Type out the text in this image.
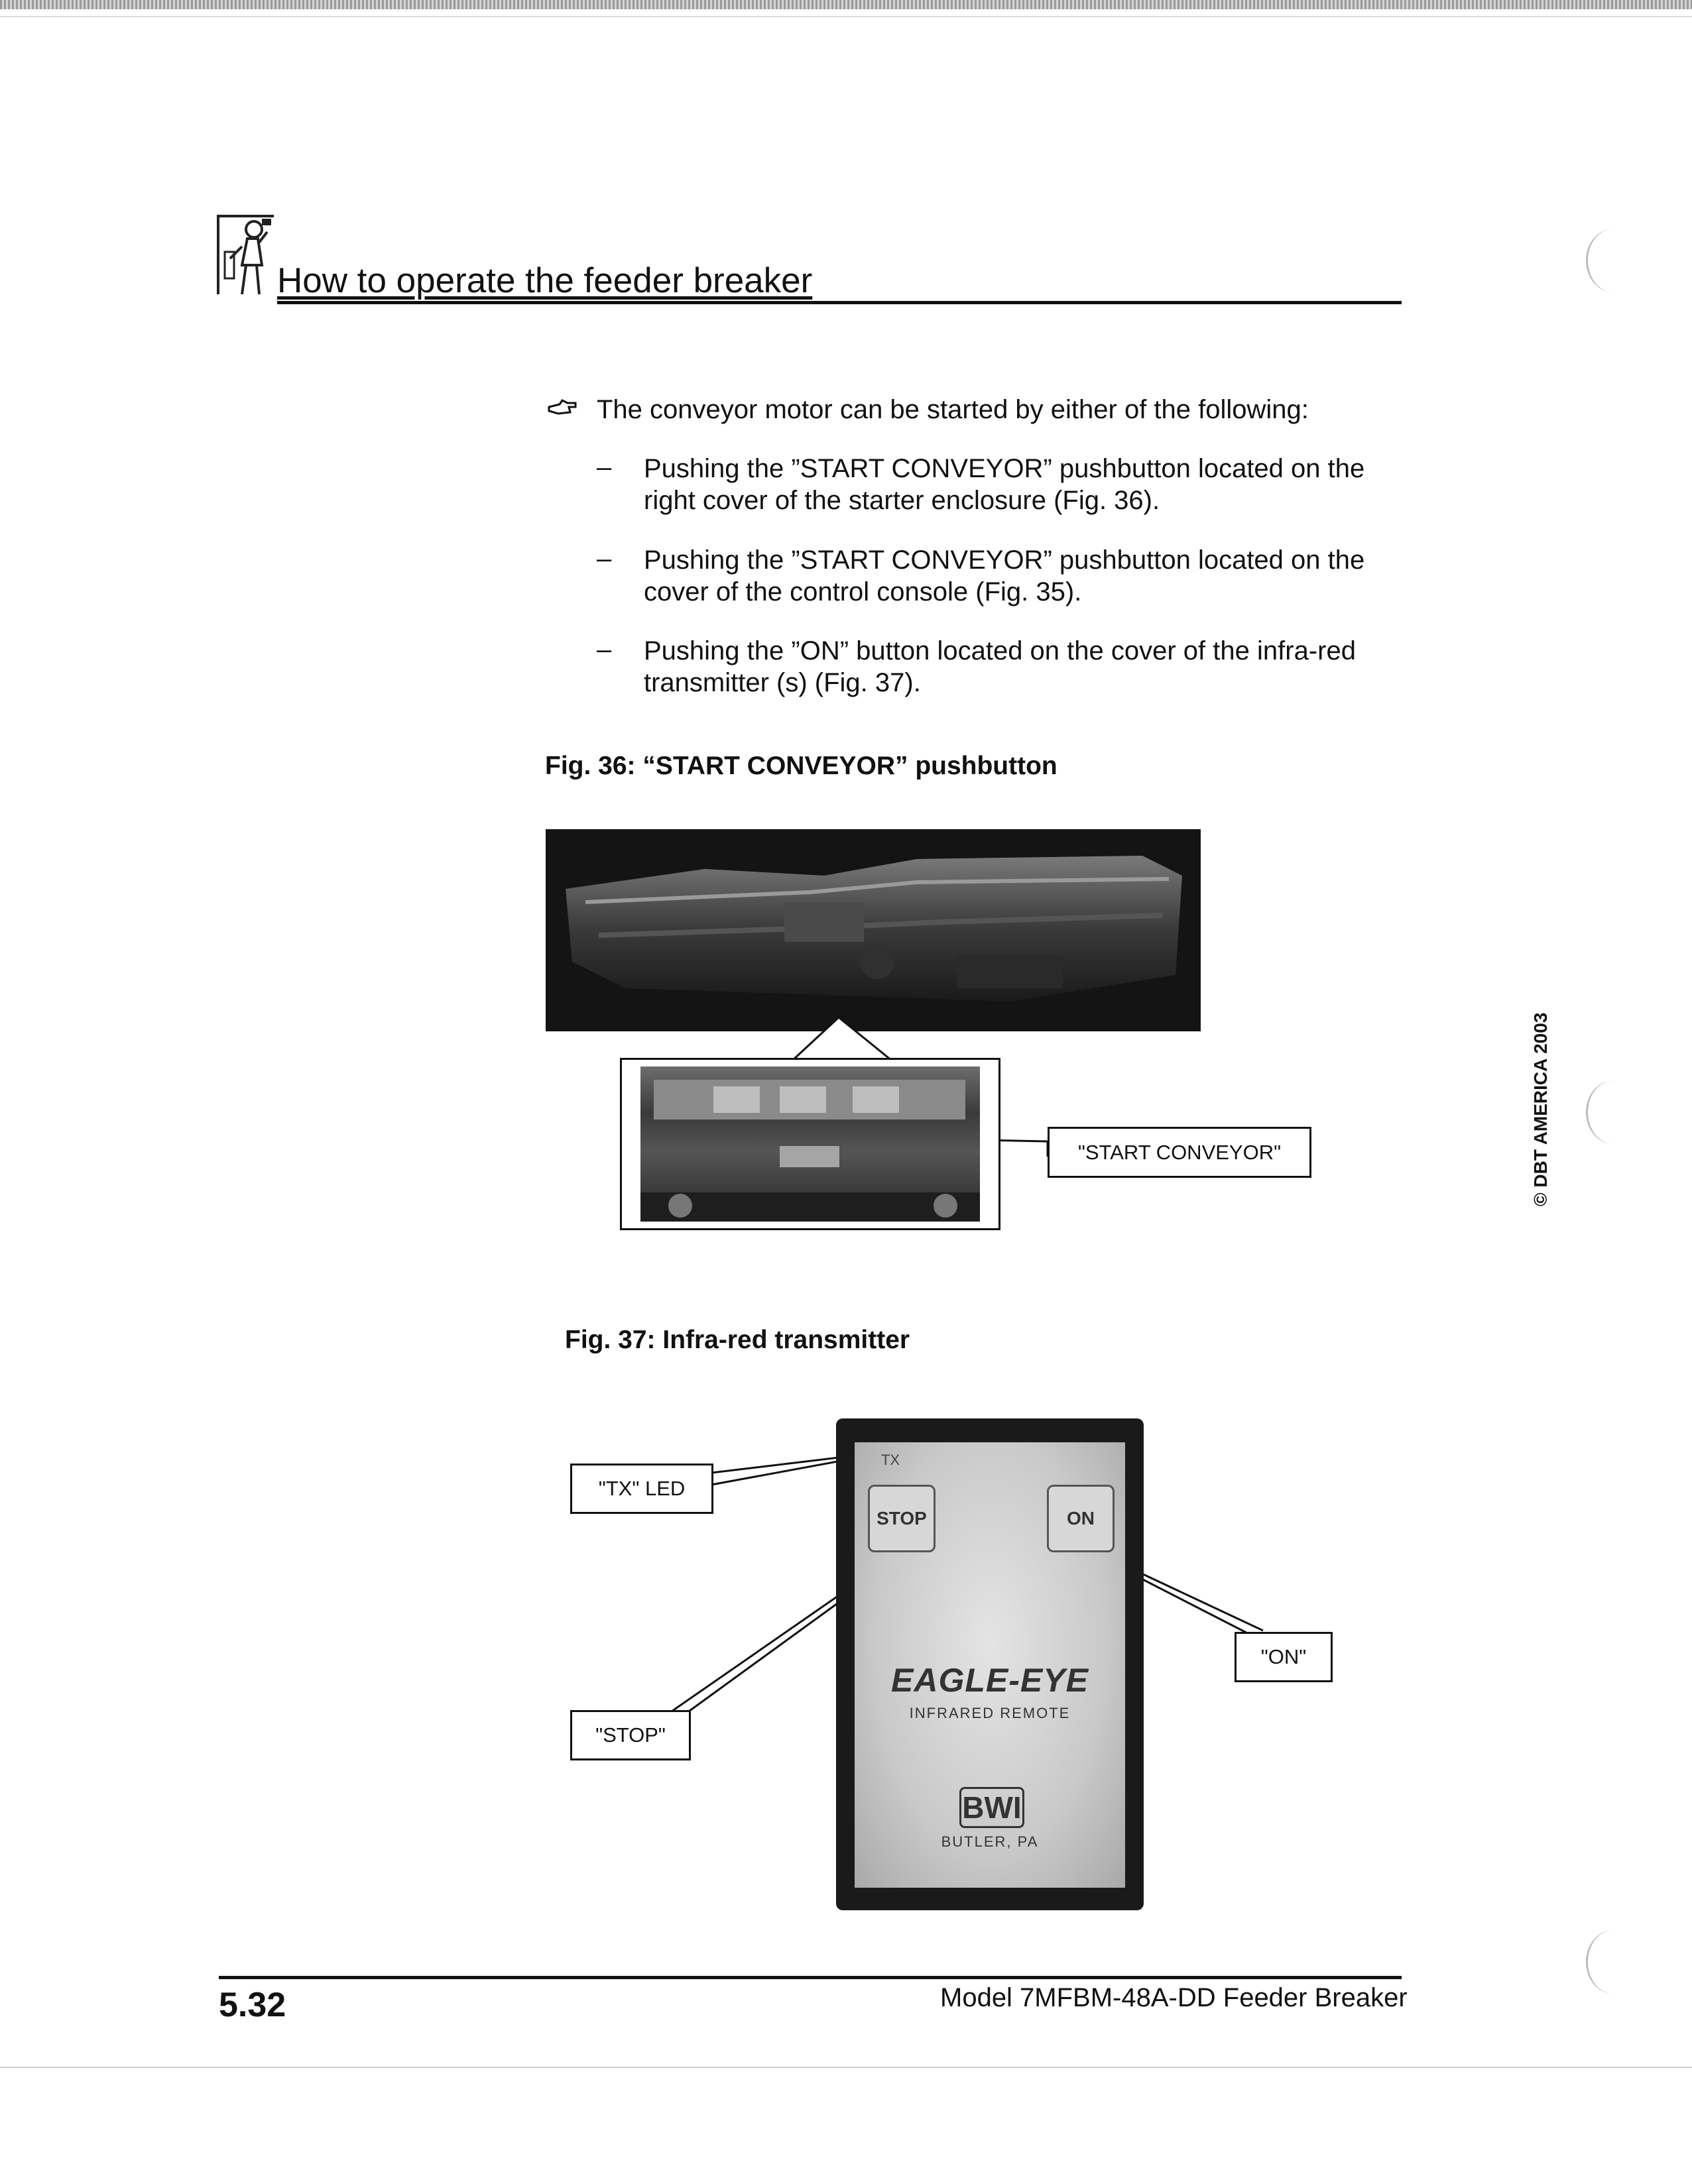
How to operate the feeder breaker
The conveyor motor can be started by either of the following:
– Pushing the ”START CONVEYOR” pushbutton located on the
right cover of the starter enclosure (Fig. 36).
– Pushing the ”START CONVEYOR” pushbutton located on the
cover of the control console (Fig. 35).
– Pushing the ”ON” button located on the cover of the infra-red
transmitter (s) (Fig. 37).
Fig. 36: “START CONVEYOR” pushbutton
"START CONVEYOR"
Fig. 37: Infra-red transmitter
TX
STOP	ON
EAGLE-EYE
INFRARED REMOTE
BWI
BUTLER, PA
"TX" LED
"STOP"
"ON"
5.32	Model 7MFBM-48A-DD Feeder Breaker
© DBT AMERICA 2003
